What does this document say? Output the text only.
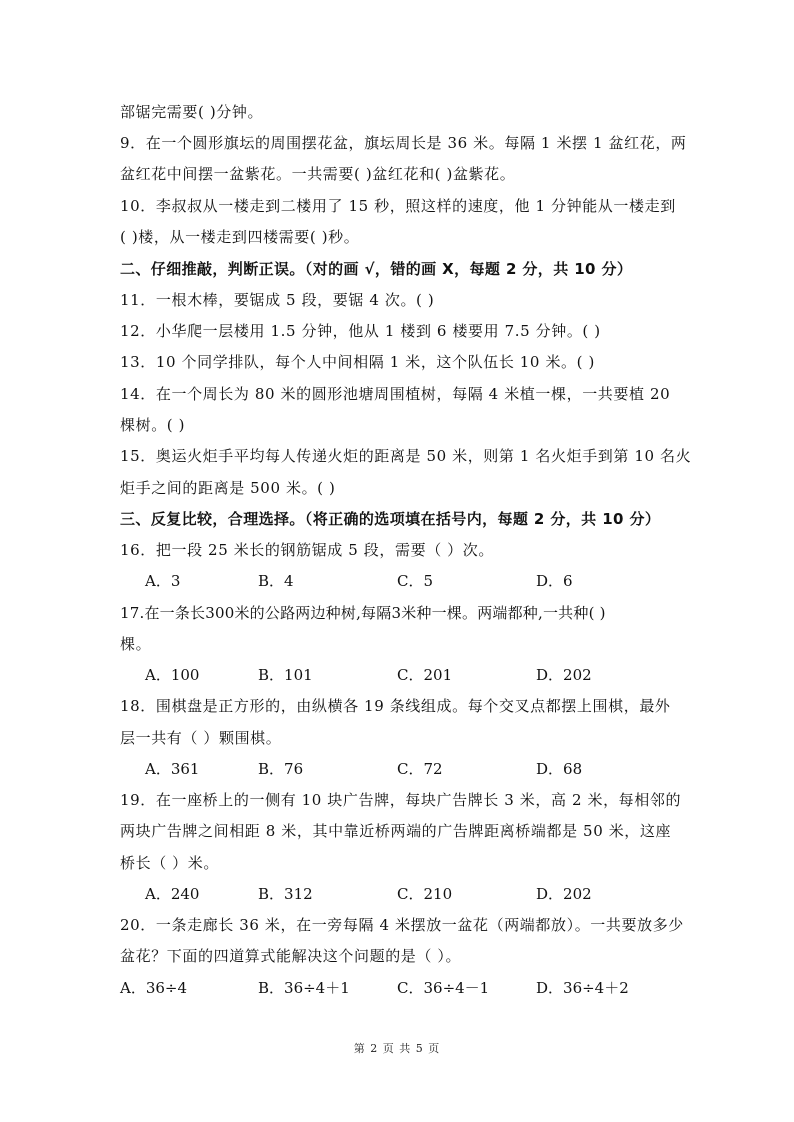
部锯完需要( )分钟。
9．在一个圆形旗坛的周围摆花盆，旗坛周长是 36 米。每隔 1 米摆 1 盆红花，两
盆红花中间摆一盆紫花。一共需要( )盆红花和( )盆紫花。
10．李叔叔从一楼走到二楼用了 15 秒，照这样的速度，他 1 分钟能从一楼走到
( )楼，从一楼走到四楼需要( )秒。
二、仔细推敲，判断正误。（对的画 √，错的画 X，每题 2 分，共 10 分）
11．一根木棒，要锯成 5 段，要锯 4 次。( )
12．小华爬一层楼用 1.5 分钟，他从 1 楼到 6 楼要用 7.5 分钟。( )
13．10 个同学排队，每个人中间相隔 1 米，这个队伍长 10 米。( )
14．在一个周长为 80 米的圆形池塘周围植树，每隔 4 米植一棵，一共要植 20
棵树。( )
15．奥运火炬手平均每人传递火炬的距离是 50 米，则第 1 名火炬手到第 10 名火
炬手之间的距离是 500 米。( )
三、反复比较，合理选择。（将正确的选项填在括号内，每题 2 分，共 10 分）
16．把一段 25 米长的钢筋锯成 5 段，需要（ ）次。
A．3	B．4	C．5	D．6
17.在一条长300米的公路两边种树,每隔3米种一棵。两端都种,一共种( )
棵。
A．100	B．101	C．201	D．202
18．围棋盘是正方形的，由纵横各 19 条线组成。每个交叉点都摆上围棋，最外
层一共有（ ）颗围棋。
A．361	B．76	C．72	D．68
19．在一座桥上的一侧有 10 块广告牌，每块广告牌长 3 米，高 2 米，每相邻的
两块广告牌之间相距 8 米，其中靠近桥两端的广告牌距离桥端都是 50 米，这座
桥长（ ）米。
A．240	B．312	C．210	D．202
20．一条走廊长 36 米，在一旁每隔 4 米摆放一盆花（两端都放）。一共要放多少
盆花？下面的四道算式能解决这个问题的是（ ）。
A．36÷4	B．36÷4＋1	C．36÷4－1	D．36÷4＋2
第 2 页 共 5 页
